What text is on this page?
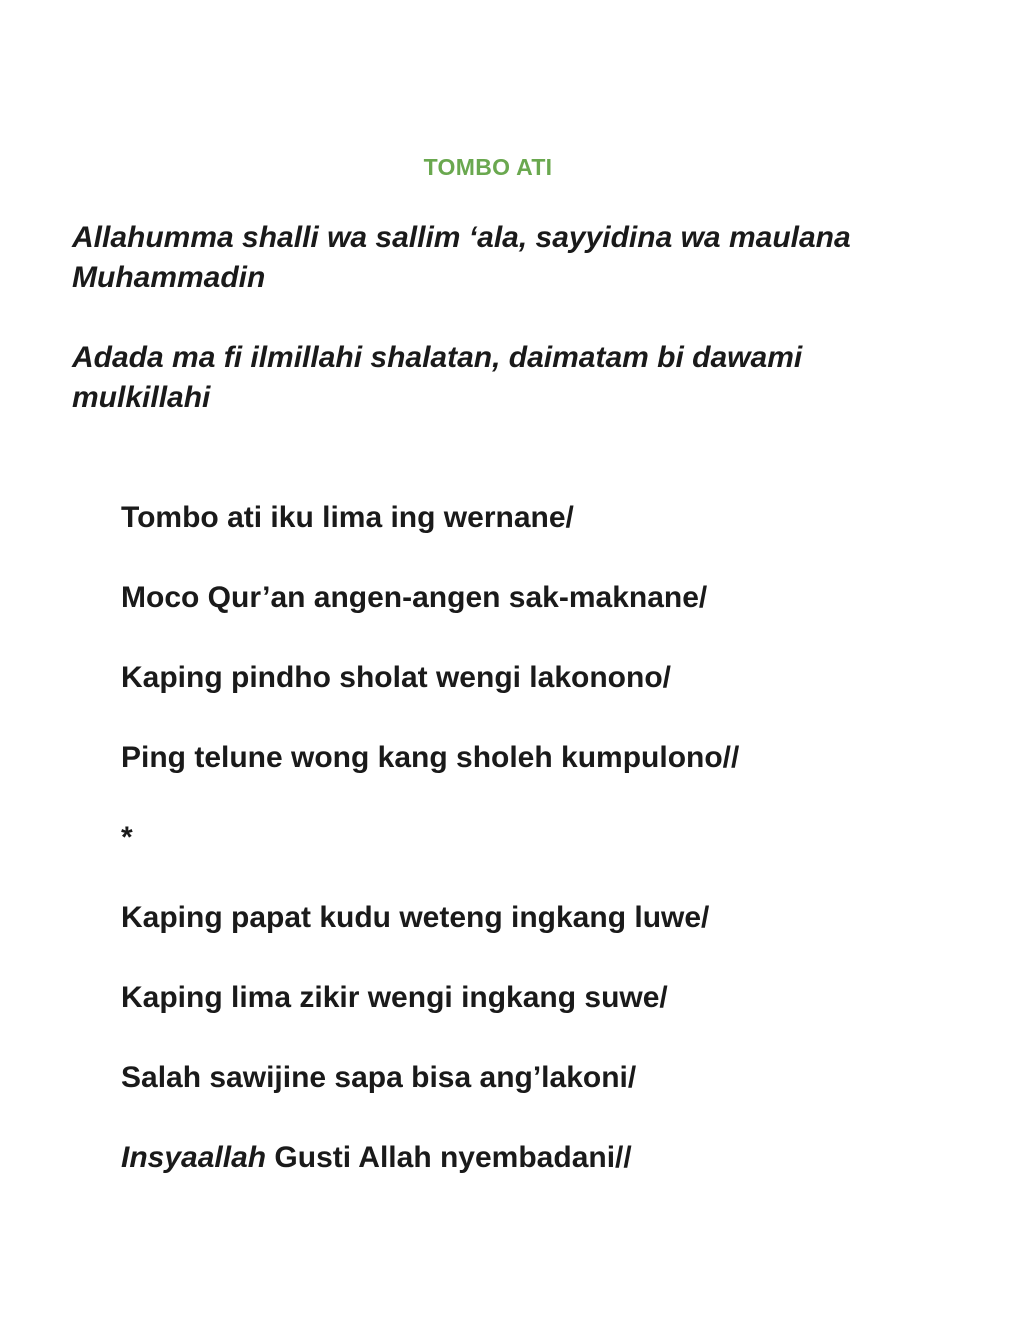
TOMBO ATI
Allahumma shalli wa sallim ‘ala, sayyidina wa maulana Muhammadin
Adada ma fi ilmillahi shalatan, daimatam bi dawami mulkillahi
Tombo ati iku lima ing wernane/
Moco Qur’an angen-angen sak-maknane/
Kaping pindho sholat wengi lakonono/
Ping telune wong kang sholeh kumpulono//
*
Kaping papat kudu weteng ingkang luwe/
Kaping lima zikir wengi ingkang suwe/
Salah sawijine sapa bisa ang’lakoni/
Insyaallah Gusti Allah nyembadani//
